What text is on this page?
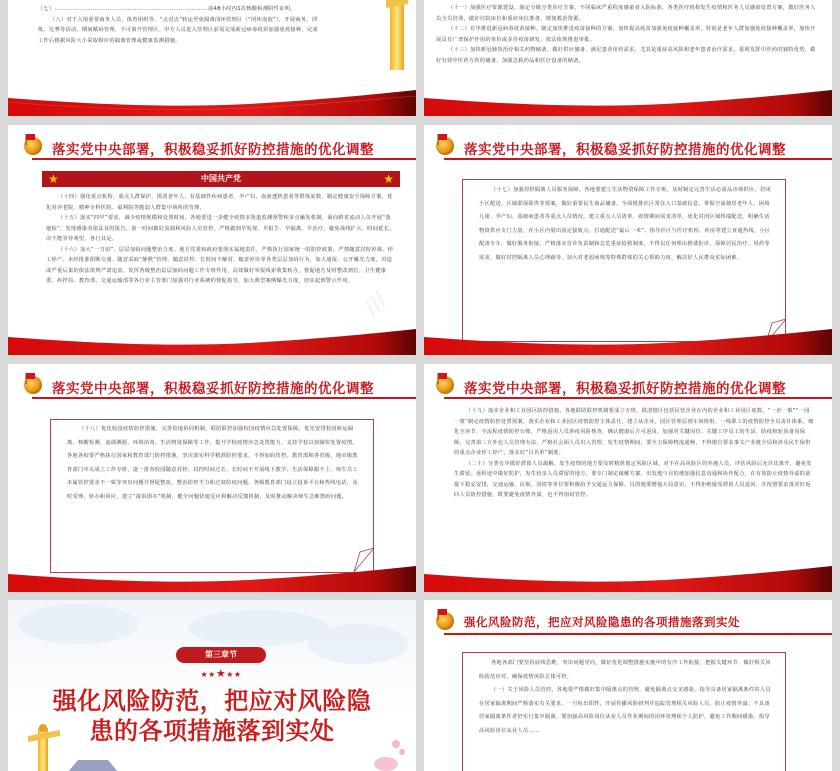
（七）…………………………………………………………………………前48小时内1次核酸检测阴性证明。

（八）对于入境重要商务人员、体育团组等，“点对点”转运至免隔离闭环管理区（“闭环泡泡”），开展商务、训练、比赛等活动，期间赋码管理，不可离开管理区。中方人员进入管理区前需完成新冠病毒疫苗加强免疫接种，完成工作后根据风险大小采取相应的隔离管理或健康监测措施。

（十一）加强医疗资源建设。制定分级分类诊疗方案，不同临床严重程度感染者入院标准，各类医疗机构发生疫情和医务人员感染处置方案，做好医务人员全员培训，做好住院床位和重症床位准备，增加救治资源。

（十二）有序推进新冠病毒疫苗接种。制定加快推进疫苗接种的方案，加快提高疫苗加强免疫接种覆盖率，特别是老年人群加强免疫接种覆盖率，加快开展具有广谱保护作用的单价或多价疫苗研发，依法依规推进审批。

（十三）加快新冠肺炎治疗相关药物储备。做好供应储备，满足患者用药需求，尤其是重症高风险和老年患者治疗需求，重视发挥中医药的独特优势，做好有效中医药方药的储备，加强急救药品和医疗设备的储备。

落实党中央部署，积极稳妥抓好防控措施的优化调整
★	中国共产党	★

（十四）强化重点机构、重点人群保护。摸清老年人、有基础性疾病患者、孕产妇、血液透析患者等群体底数，制定健康安全保障方案，优化对养老院、精神专科医院、福利院等脆弱人群集中场所的管理。

（十五）落实“四早”要求，减少疫情规模和处置时间。各地要进一步健全疫情多渠道监测预警和多点触发机制，面向跨省流动人员开展“落地检”，发现感染者依法及时报告，第一时间做好流调和风险人员管控，严格做到早发现、早报告、早隔离、早治疗，避免战线扩大、时间延长，决不能等待观望、各行其是。

（十六）加大“一刀切”、层层加码问题整治力度。地方党委和政府要落实属地责任，严格执行国家统一的防控政策，严禁随意封校停课、停工停产、未经批准阻断交通、随意采取“静默”管理、随意封控、长时间不解封、随意停诊等各类层层加码行为，加大通报、公开曝光力度，对造成严重后果的依法依规严肃追责。发挥各级整治层层加码问题工作专班作用，高效做好举报线索收集转办，督促地方及时整改到位。卫生健康委、疾控局、教育部、交通运输部等各行业主管部门加强对行业系统的督促指导，加大典型案例曝光力度，切实起到警示作用。

///
落实党中央部署，积极稳妥抓好防控措施的优化调整

（十七）加强封控隔离人员服务保障。各地要建立生活物资保障工作专班，及时制定完善生活必需品市场供应、封闭小区配送、区域联保联供等预案，做好重要民生商品储备。全面摸排社区常住人口基础信息，掌握空巢独居老年人、困境儿童、孕产妇、基础病患者等重点人员情况，建立重点人员清单、疫情期间需求清单，优化封闭区域终端配送，明确生活物资供应专门力量，在小区内划出固定接收点，打通配送“最后一米”。指导社区与医疗机构、药房等建立直通热线，小区配备专车，做好服务衔接，严格落实首诊负责制和急危重症抢救制度，不得以任何理由推诿拒诊，保障居民治疗、用药等需求，做好封控隔离人员心理疏导，加大对老弱病残等特殊群体的关心帮助力度，解决好人民群众实际困难。

落实党中央部署，积极稳妥抓好防控措施的优化调整

（十八）优化校园疫情防控措施。完善校地协同机制，联防联控加强校园疫情应急处置保障，优先安排校园转运隔离、核酸检测、流调溯源、环境消毒、生活物资保障等工作，提升学校疫情应急处置能力，支持学校以快制快处置疫情。各地各校要严格执行国家和教育部门防控措施，坚决落实科学精准防控要求，不得加码管控。教育部和各省级、地市级教育部门牵头成立工作专班，逐一排查校园随意封控、封控时间过长、长时间不开展线下教学、生活保障跟不上、师生员工本属管控要求不一致等突出问题并督促整改，整治防控不力和过度防疫问题。各级教育部门设立投诉平台和热线电话，及时受理、转办和回应，建立“接诉即办”机制，健全问题快速反应和解决反馈机制，及时推动解决师生急难愁盼问题。

落实党中央部署，积极稳妥抓好防控措施的优化调整

（十九）落实企业和工业园区防控措施。各地联防联控机制要成立专班，摸清辖区包括民营企业在内的企业和工业园区底数，“一企一策”“一园一策”制定疫情防控处置预案，落实企业和工业园区疫情防控主体责任，建立从企业、园区管理层到车间班组、一线职工的疫情防控全员责任体系，细化全环节、全流程疫情防控台账，严格返岗人员涉疫风险核查，确认健康后方可返岗，加强对关键岗位、关键工序员工的生活、防疫和轮岗备岗保障，完善第三方外包人员管理办法，严格社会面人员出入管理，发生疫情期间，要全力保障物流通畅，不得擅自要求事关产业链全局和涉及民生保供的重点企业停工停产，落实好“白名单”制度。

（二十）分类有序做好滞留人员疏解。发生疫情的地方要及时精准划定风险区域，对不在高风险区的外地人员，评估风险后允许其离开，避免发生滞留。返程途中做好防护，发生较多人员滞留的地方，要专门制定疏解方案，出发地与目的地加强信息沟通和协作配合，在有效防止疫情外溢的前提下稳妥安排，交通运输、民航、国铁等单位要积极给予交通运力保障。目的地要增强大局意识，不得拒绝接受滞留人员返回，并按照要求落实好返回人员防控措施，既要避免疫情外溢，也不得加码管控。

第三章节
★★★★★
强化风险防范，把应对风险隐
患的各项措施落到实处
强化风险防范，把应对风险隐患的各项措施落到实处

各地各部门要坚持底线思维，突出问题导向，做好优化调整措施实施中的有序工作衔接，把握关键环节，做好相关风险防范应对，确保疫情风险总体可控。

（一）关于风险人员管控。各地要严格做好集中隔离点的管理，避免隔离点交叉感染。指导具备居家隔离条件的人员在居家隔离期间严格落实有关要求，一旦检出阳性，开展传播风险研判并追踪管理相关风险人员，防止疫情外溢；不具备居家隔离条件者仍实行集中隔离。要加强高风险岗位从业人员作业期间的闭环管理和个人防护，避免工作期间感染。指导高风险岗位从业人员……
